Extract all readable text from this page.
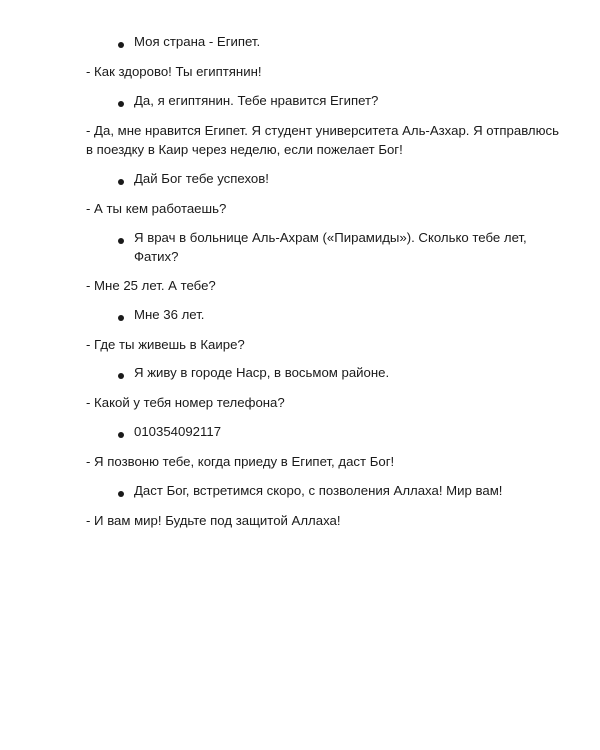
Моя страна - Египет.
- Как здорово! Ты египтянин!
Да, я египтянин. Тебе нравится Египет?
- Да, мне нравится Египет. Я студент университета Аль-Азхар. Я отправлюсь
в поездку в Каир через неделю, если пожелает Бог!
Дай Бог тебе успехов!
- А ты кем работаешь?
Я врач в больнице Аль-Ахрам («Пирамиды»). Сколько тебе лет,
Фатих?
- Мне 25 лет. А тебе?
Мне 36 лет.
- Где ты живешь в Каире?
Я живу в городе Наср, в восьмом районе.
- Какой у тебя номер телефона?
010354092117
- Я позвоню тебе, когда приеду в Египет, даст Бог!
Даст Бог, встретимся скоро, с позволения Аллаха! Мир вам!
- И вам мир! Будьте под защитой Аллаха!
